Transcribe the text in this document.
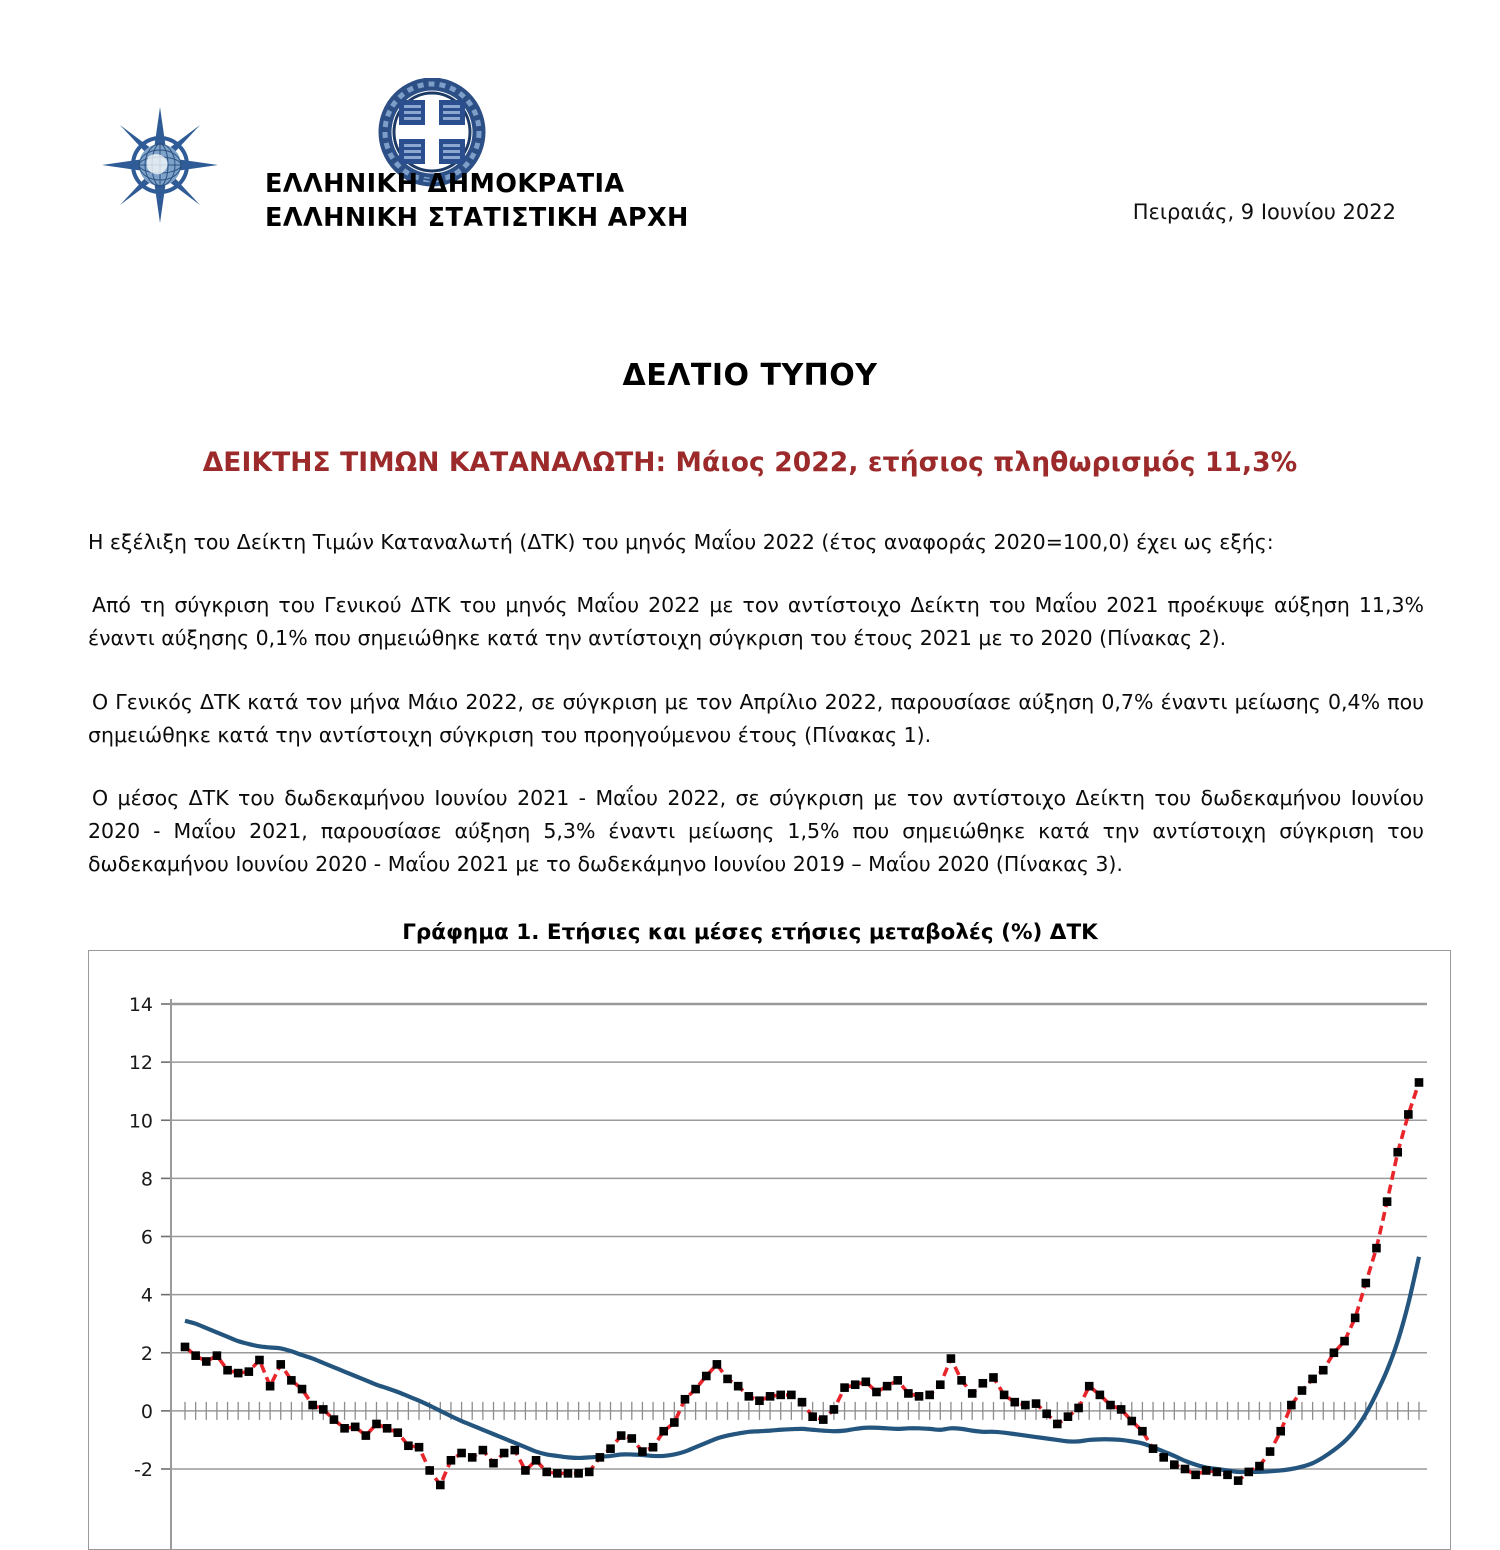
ΕΛΛΗΝΙΚΗ ΔΗΜΟΚΡΑΤΙΑ
ΕΛΛΗΝΙΚΗ ΣΤΑΤΙΣΤΙΚΗ ΑΡΧΗ	Πειραιάς, 9 Ιουνίου 2022
ΔΕΛΤΙΟ ΤΥΠΟΥ
ΔΕΙΚΤΗΣ ΤΙΜΩΝ ΚΑΤΑΝΑΛΩΤΗ: Μάιος 2022, ετήσιος πληθωρισμός 11,3%

Η εξέλιξη του Δείκτη Τιμών Καταναλωτή (ΔΤΚ) του μηνός Μαΐου 2022 (έτος αναφοράς 2020=100,0) έχει ως εξής:

Από τη σύγκριση του Γενικού ΔΤΚ του μηνός Μαΐου 2022 με τον αντίστοιχο Δείκτη του Μαΐου 2021 προέκυψε αύξηση 11,3% έναντι αύξησης 0,1% που σημειώθηκε κατά την αντίστοιχη σύγκριση του έτους 2021 με το 2020 (Πίνακας 2).

Ο Γενικός ΔΤΚ κατά τον μήνα Μάιο 2022, σε σύγκριση με τον Απρίλιο 2022, παρουσίασε αύξηση 0,7% έναντι μείωσης 0,4% που σημειώθηκε κατά την αντίστοιχη σύγκριση του προηγούμενου έτους (Πίνακας 1).

Ο μέσος ΔΤΚ του δωδεκαμήνου Ιουνίου 2021 - Μαΐου 2022, σε σύγκριση με τον αντίστοιχο Δείκτη του δωδεκαμήνου Ιουνίου 2020 - Μαΐου 2021, παρουσίασε αύξηση 5,3% έναντι μείωσης 1,5% που σημειώθηκε κατά την αντίστοιχη σύγκριση του δωδεκαμήνου Ιουνίου 2020 - Μαΐου 2021 με το δωδεκάμηνο Ιουνίου 2019 – Μαΐου 2020 (Πίνακας 3).

Γράφημα 1. Ετήσιες και μέσες ετήσιες μεταβολές (%) ΔΤΚ
14
12
10
8
6
4
2
0
-2
